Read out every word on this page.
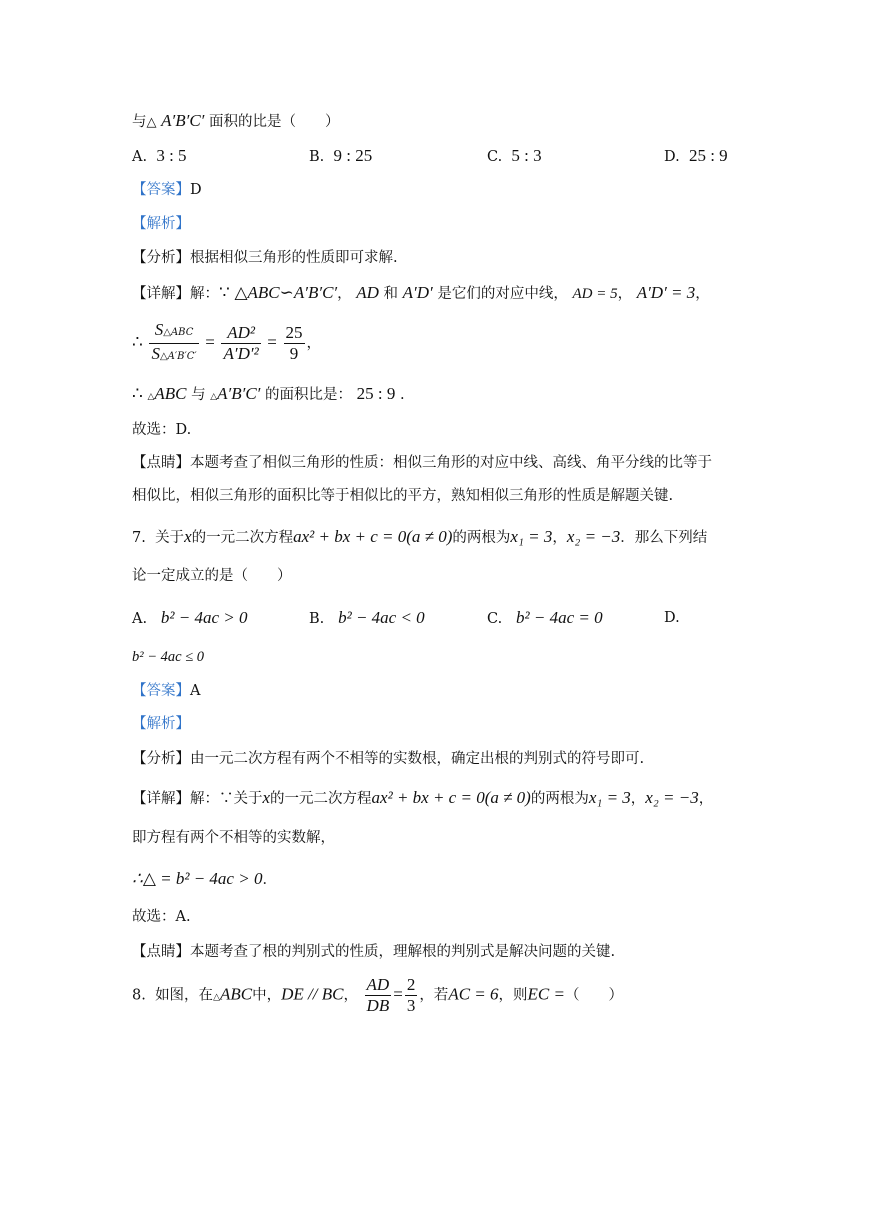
与△ A′B′C′ 面积的比是（　　）
A. 3 : 5	B. 9 : 25	C. 5 : 3	D. 25 : 9
【答案】D
【解析】
【分析】根据相似三角形的性质即可求解.
【详解】解：∵ △ABC∽A′B′C′， AD 和 A′D′ 是它们的对应中线， AD = 5， A′D′ = 3，
∴ $\frac{\text{S△ABC}}{S\triangle A'B'C'} = \frac{\text{AD²}}{\text{A′D′²}} = \frac{25}{9}$ ，
∴ △ABC 与 △A′B′C′ 的面积比是： 25 : 9 .
故选：D.
【点睛】本题考查了相似三角形的性质：相似三角形的对应中线、高线、角平分线的比等于
相似比，相似三角形的面积比等于相似比的平方，熟知相似三角形的性质是解题关键.
7. 关于x的一元二次方程ax² + bx + c = 0(a ≠ 0)的两根为x₁ = 3，x₂ = −3．那么下列结
论一定成立的是（　　）
A. b² − 4ac > 0	B. b² − 4ac < 0	C. b² − 4ac = 0	D.
b² − 4ac ≤ 0
【答案】A
【解析】
【分析】由一元二次方程有两个不相等的实数根，确定出根的判别式的符号即可.
【详解】解：∵关于x的一元二次方程ax² + bx + c = 0(a ≠ 0)的两根为x₁ = 3，x₂ = −3，
即方程有两个不相等的实数解，
∴△ = b² − 4ac > 0．
故选：A.
【点睛】本题考查了根的判别式的性质，理解根的判别式是解决问题的关键.
8. 如图，在△ABC中，DE // BC， $\frac{AD}{DB} = \frac{2}{3}$ ，若AC = 6，则EC =（　　）
